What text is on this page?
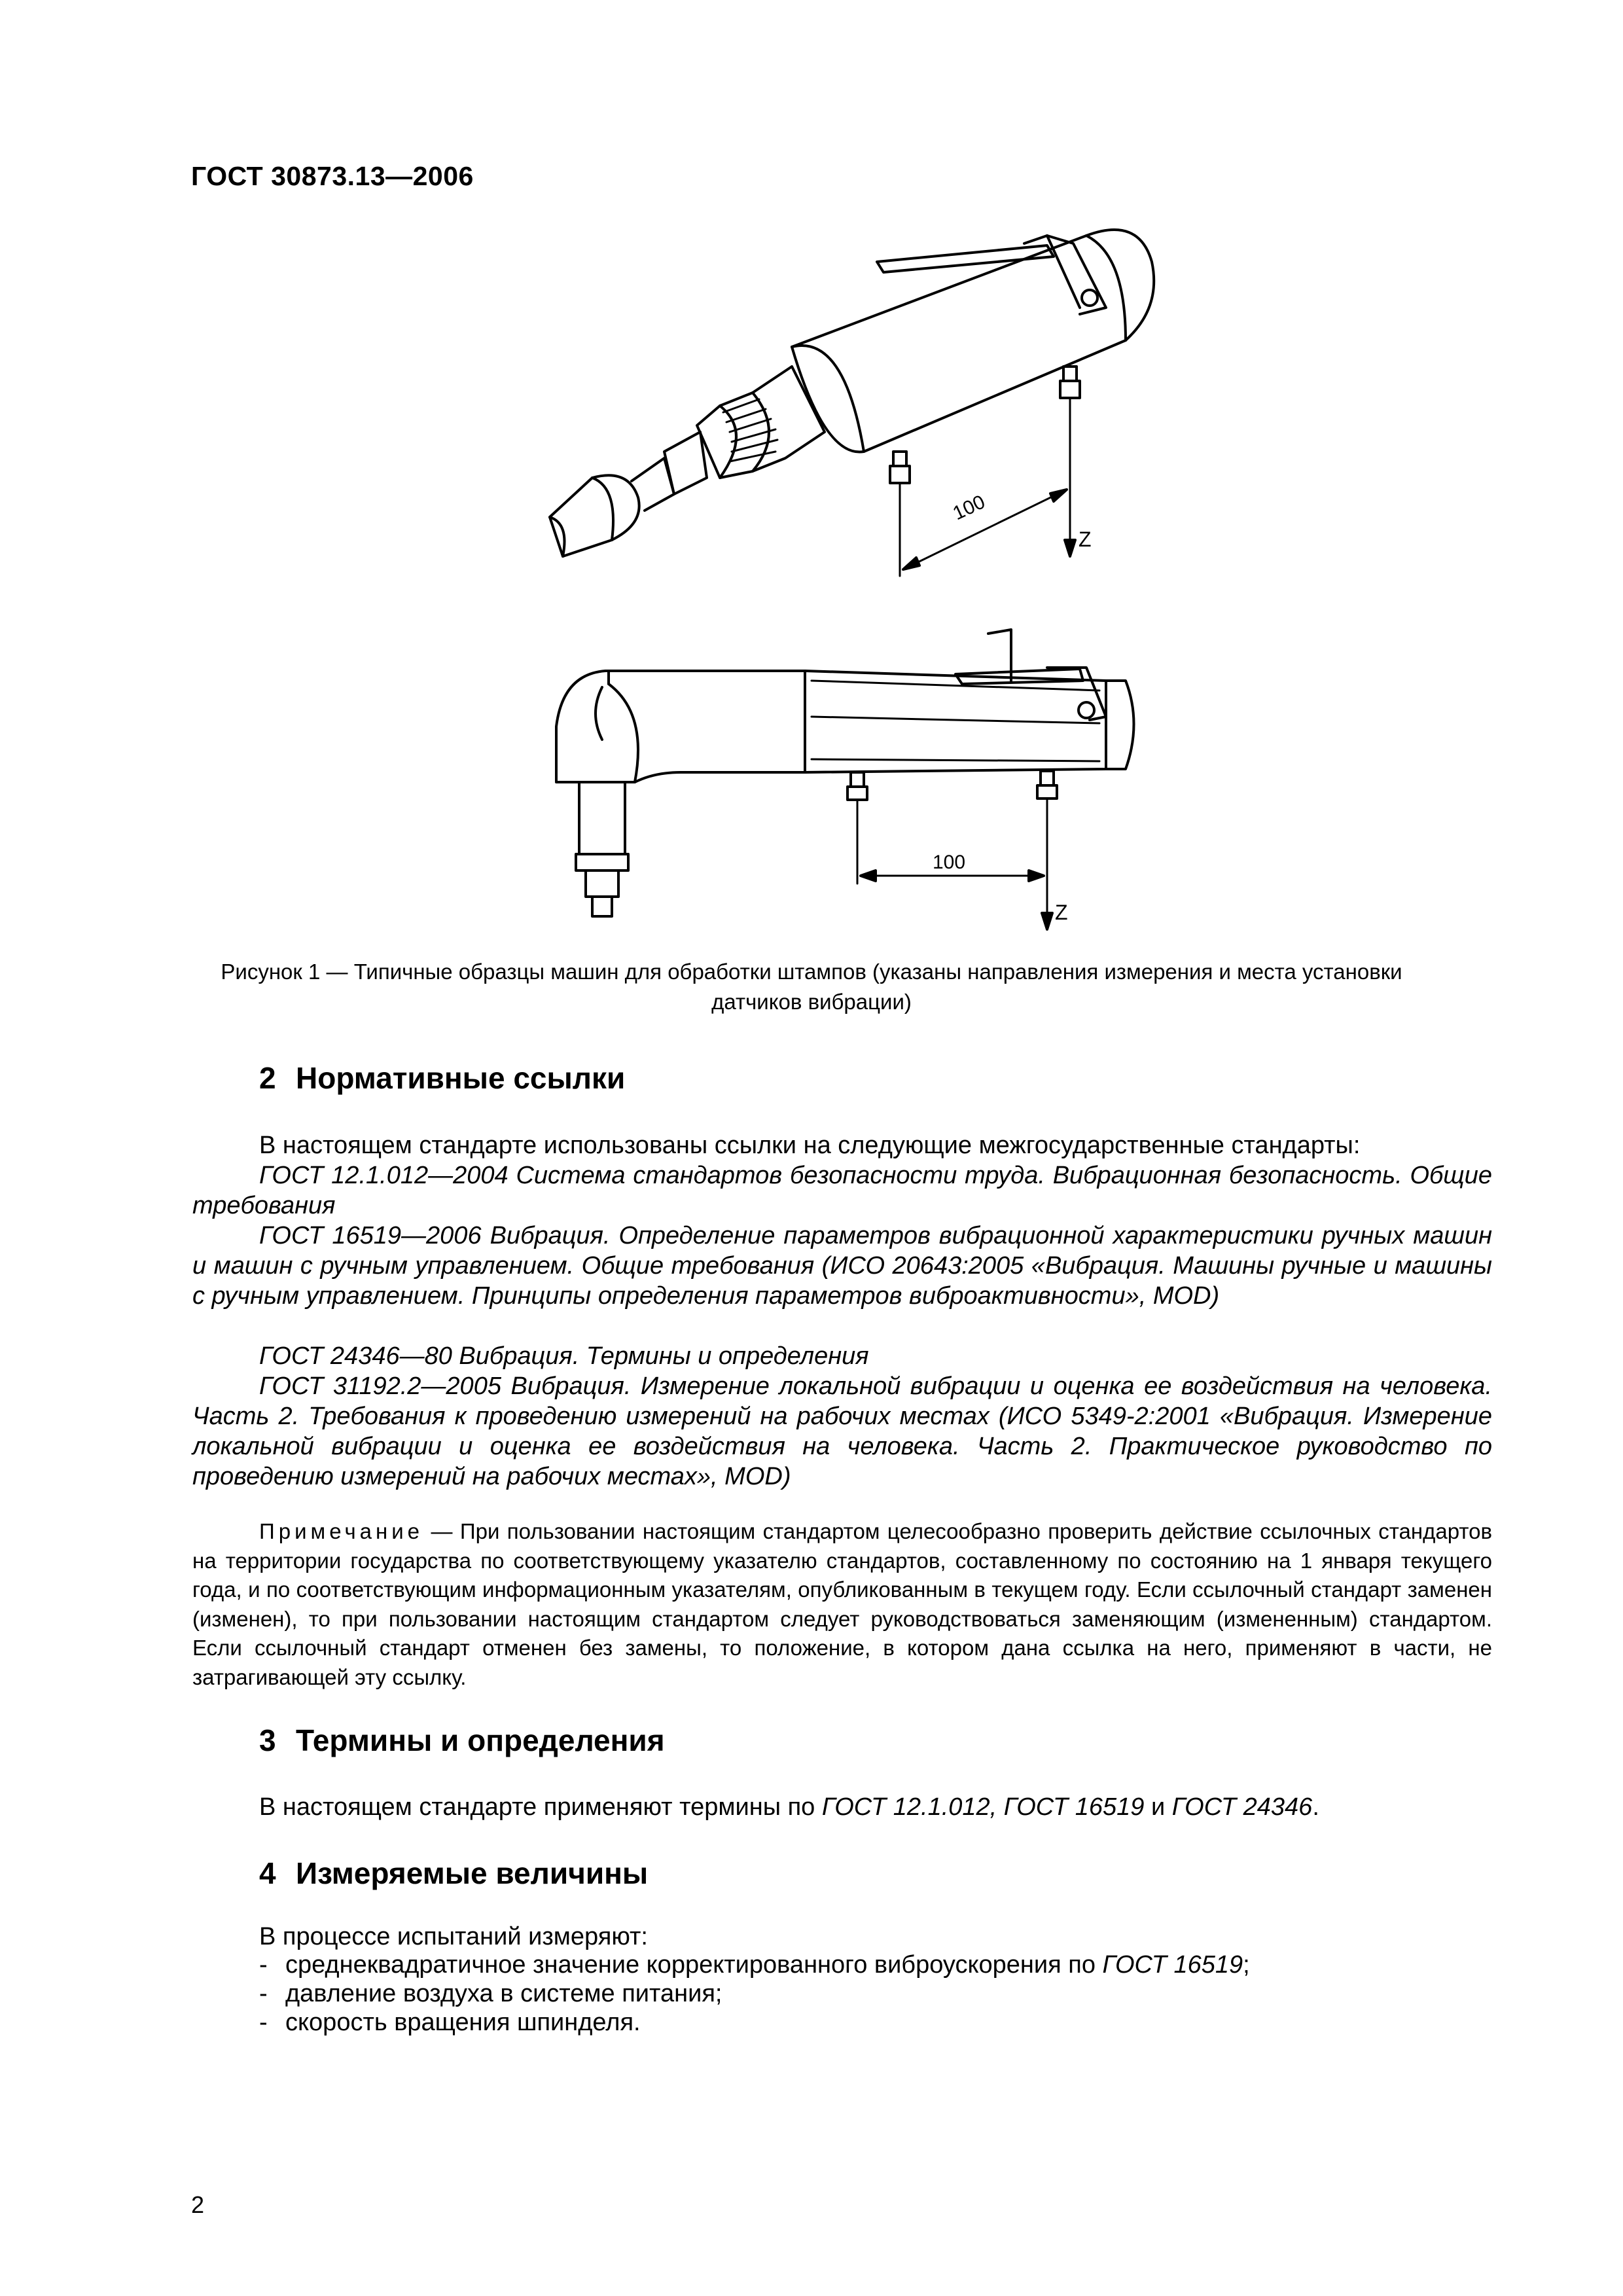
ГОСТ 30873.13—2006
100
Z
100
Z
Рисунок 1 — Типичные образцы машин для обработки штампов (указаны направления измерения и места установки датчиков вибрации)
2 Нормативные ссылки
В настоящем стандарте использованы ссылки на следующие межгосударственные стандарты:
ГОСТ 12.1.012—2004 Система стандартов безопасности труда. Вибрационная безопасность. Общие требования
ГОСТ 16519—2006 Вибрация. Определение параметров вибрационной характеристики ручных машин и машин с ручным управлением. Общие требования (ИСО 20643:2005 «Вибрация. Машины ручные и машины с ручным управлением. Принципы определения параметров виброактивности», MOD)
ГОСТ 24346—80 Вибрация. Термины и определения
ГОСТ 31192.2—2005 Вибрация. Измерение локальной вибрации и оценка ее воздействия на человека. Часть 2. Требования к проведению измерений на рабочих местах (ИСО 5349-2:2001 «Вибрация. Измерение локальной вибрации и оценка ее воздействия на человека. Часть 2. Практическое руководство по проведению измерений на рабочих местах», MOD)
Примечание — При пользовании настоящим стандартом целесообразно проверить действие ссылочных стандартов на территории государства по соответствующему указателю стандартов, составленному по состоянию на 1 января текущего года, и по соответствующим информационным указателям, опубликованным в текущем году. Если ссылочный стандарт заменен (изменен), то при пользовании настоящим стандартом следует руководствоваться заменяющим (измененным) стандартом. Если ссылочный стандарт отменен без замены, то положение, в котором дана ссылка на него, применяют в части, не затрагивающей эту ссылку.
3 Термины и определения
В настоящем стандарте применяют термины по ГОСТ 12.1.012, ГОСТ 16519 и ГОСТ 24346.
4 Измеряемые величины
В процессе испытаний измеряют:
- среднеквадратичное значение корректированного виброускорения по ГОСТ 16519;
- давление воздуха в системе питания;
- скорость вращения шпинделя.
2
